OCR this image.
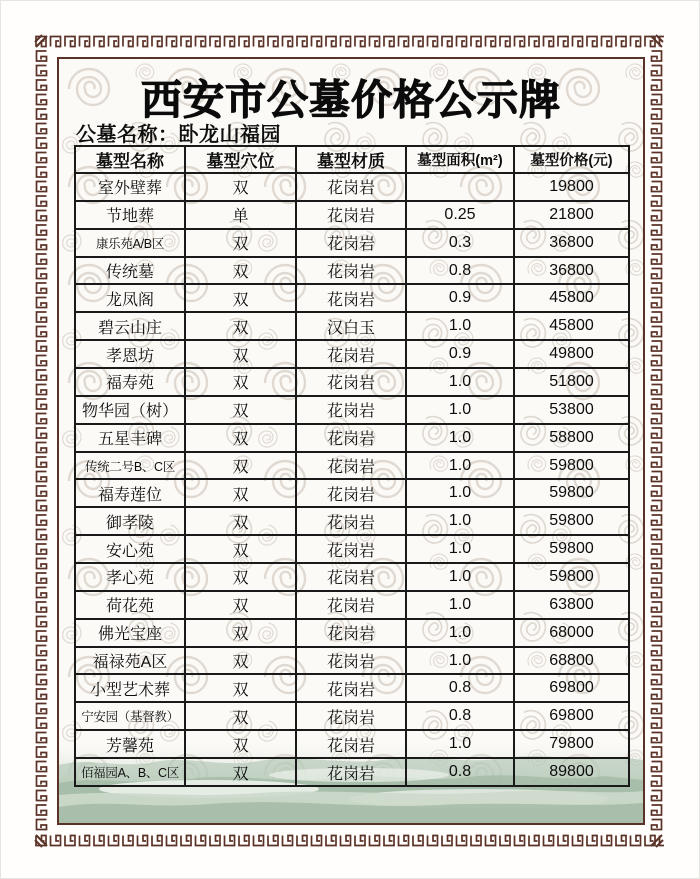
西安市公墓价格公示牌
公墓名称：卧龙山福园
墓型名称	墓型穴位	墓型材质	墓型面积(m²)	墓型价格(元)
室外壁葬	双	花岗岩		19800
节地葬	单	花岗岩	0.25	21800
康乐苑A/B区	双	花岗岩	0.3	36800
传统墓	双	花岗岩	0.8	36800
龙凤阁	双	花岗岩	0.9	45800
碧云山庄	双	汉白玉	1.0	45800
孝恩坊	双	花岗岩	0.9	49800
福寿苑	双	花岗岩	1.0	51800
物华园（树）	双	花岗岩	1.0	53800
五星丰碑	双	花岗岩	1.0	58800
传统二号B、C区	双	花岗岩	1.0	59800
福寿莲位	双	花岗岩	1.0	59800
御孝陵	双	花岗岩	1.0	59800
安心苑	双	花岗岩	1.0	59800
孝心苑	双	花岗岩	1.0	59800
荷花苑	双	花岗岩	1.0	63800
佛光宝座	双	花岗岩	1.0	68000
福禄苑A区	双	花岗岩	1.0	68800
小型艺术葬	双	花岗岩	0.8	69800
宁安园（基督教）	双	花岗岩	0.8	69800
芳馨苑	双	花岗岩	1.0	79800
佰福园A、B、C区	双	花岗岩	0.8	89800
